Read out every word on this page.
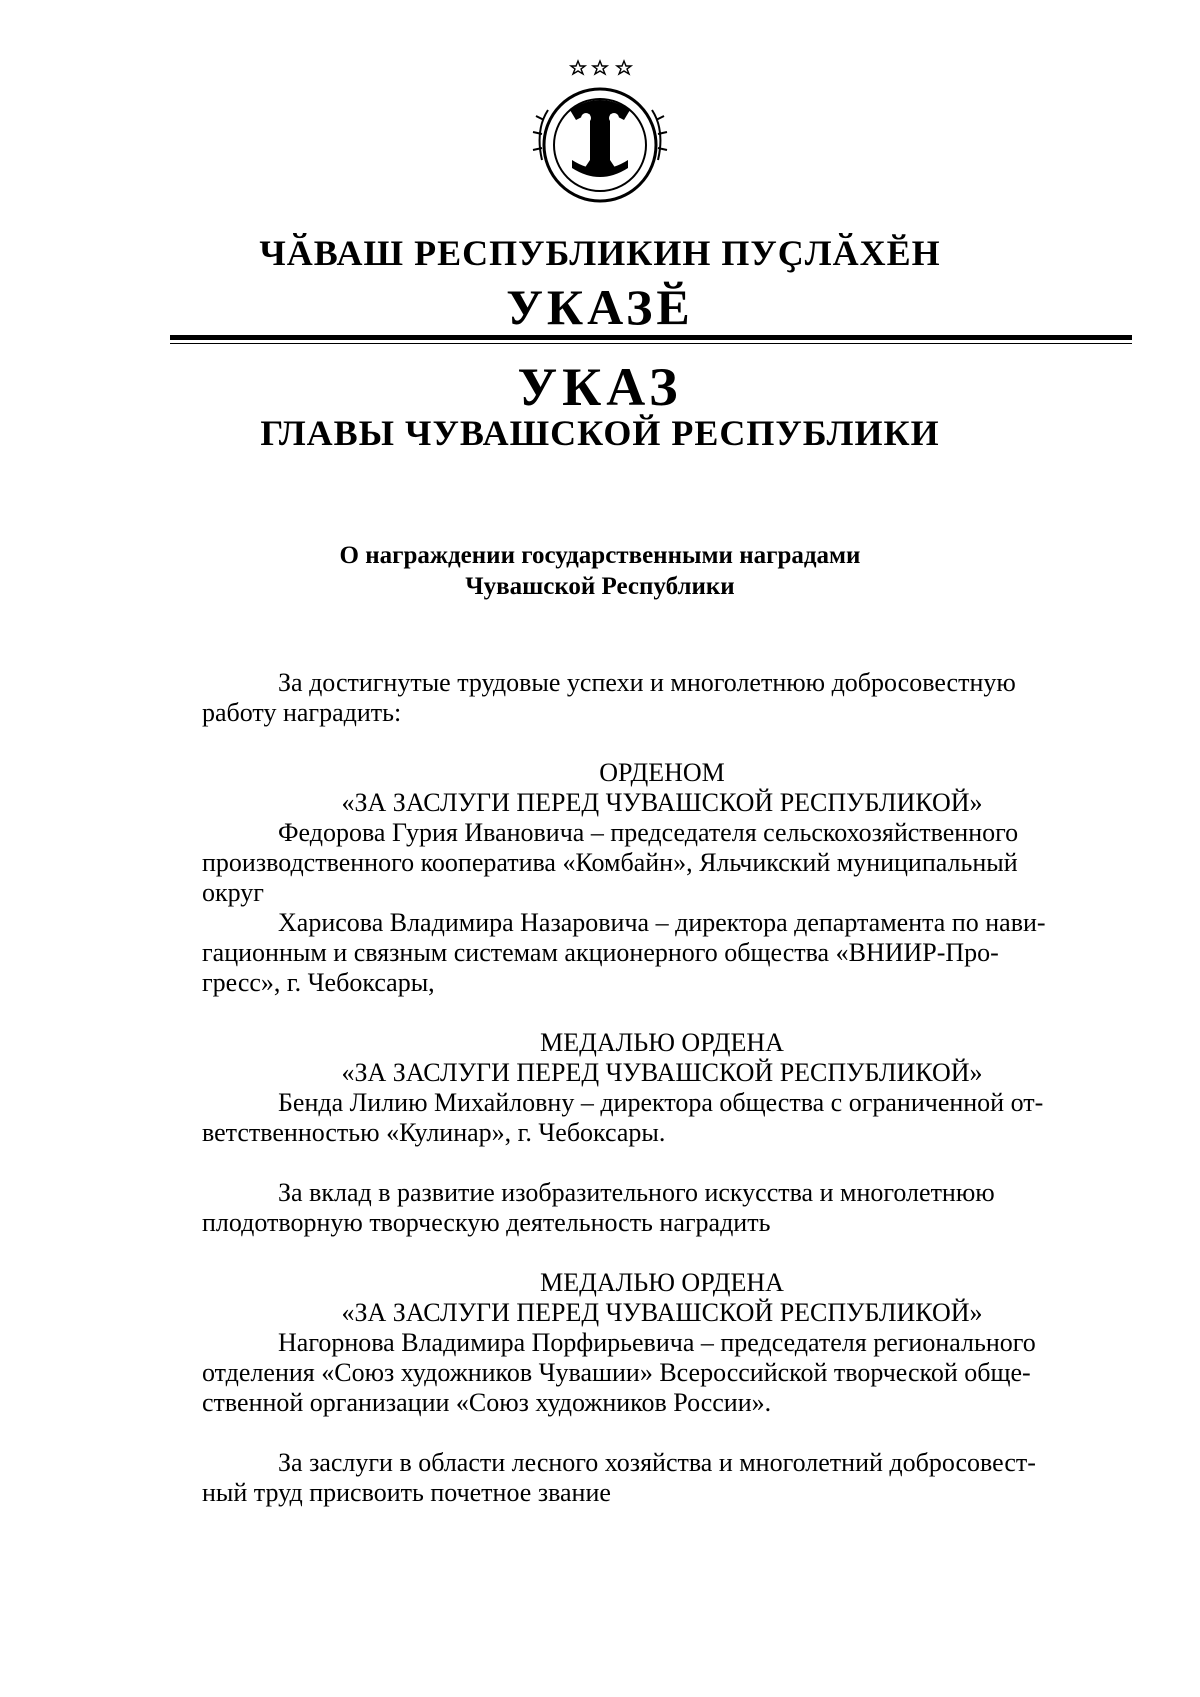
ЧӐВАШ РЕСПУБЛИКИН ПУҪЛӐХӖН
УКАЗӖ
УКАЗ
ГЛАВЫ ЧУВАШСКОЙ РЕСПУБЛИКИ
О награждении государственными наградами
Чувашской Республики
За достигнутые трудовые успехи и многолетнюю добросовестную
работу наградить:
ОРДЕНОМ
«ЗА ЗАСЛУГИ ПЕРЕД ЧУВАШСКОЙ РЕСПУБЛИКОЙ»
Федорова Гурия Ивановича – председателя сельскохозяйственного
производственного кооператива «Комбайн», Яльчикский муниципальный
округ
Харисова Владимира Назаровича – директора департамента по нави-
гационным и связным системам акционерного общества «ВНИИР-Про-
гресс», г. Чебоксары,
МЕДАЛЬЮ ОРДЕНА
«ЗА ЗАСЛУГИ ПЕРЕД ЧУВАШСКОЙ РЕСПУБЛИКОЙ»
Бенда Лилию Михайловну – директора общества с ограниченной от-
ветственностью «Кулинар», г. Чебоксары.
За вклад в развитие изобразительного искусства и многолетнюю
плодотворную творческую деятельность наградить
МЕДАЛЬЮ ОРДЕНА
«ЗА ЗАСЛУГИ ПЕРЕД ЧУВАШСКОЙ РЕСПУБЛИКОЙ»
Нагорнова Владимира Порфирьевича – председателя регионального
отделения «Союз художников Чувашии» Всероссийской творческой обще-
ственной организации «Союз художников России».
За заслуги в области лесного хозяйства и многолетний добросовест-
ный труд присвоить почетное звание
